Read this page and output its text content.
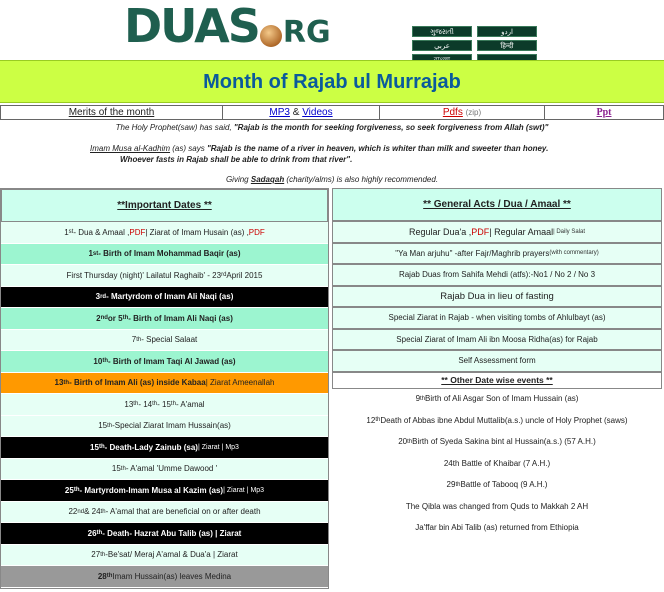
DUAS RG	ગુજરાતી	اردو
عربي	हिन्दी
Month of Rajab ul Murrajab
Merits of the month	MP3 & Videos	Pdfs (zip)	Ppt
The Holy Prophet(saw) has said, "Rajab is the month for seeking forgiveness, so seek forgiveness from Allah (swt)"
Imam Musa al-Kadhim (as) says "Rajab is the name of a river in heaven, which is whiter than milk and sweeter than honey.
Whoever fasts in Rajab shall be able to drink from that river".
Giving Sadaqah (charity/alms) is also highly recommended.
**Important Dates **
1 st - Dua & Amaal , PDF | Ziarat of Imam Husain (as) , PDF
1 st - Birth of Imam Mohammad Baqir (as)
First Thursday (night)' Lailatul Raghaib' - 23 rd April 2015
3 rd - Martyrdom of Imam Ali Naqi (as)
2 nd or 5 th - Birth of Imam Ali Naqi (as)
7 th - Special Salaat
10 th - Birth of Imam Taqi Al Jawad (as)
13 th - Birth of Imam Ali (as) inside Kabaa | Ziarat Ameenallah
13 th - 14 th - 15 th - A'amal
15 th -Special Ziarat Imam Hussain(as)
15 th - Death-Lady Zainub (sa) | Ziarat | Mp3
15 th - A'amal 'Umme Dawood '
25 th - Martyrdom-Imam Musa al Kazim (as) | Ziarat | Mp3
22 nd & 24 th - A'amal that are beneficial on or after death
26 th - Death- Hazrat Abu Talib (as) | Ziarat
27 th -Be'sat/ Meraj A'amal & Dua'a | Ziarat
28 th Imam Hussain(as) leaves Medina
** General Acts / Dua / Amaal **
Regular Dua'a , PDF | Regular Amaal | Daily Salat
"Ya Man arjuhu" -after Fajr/Maghrib prayers (with commentary)
Rajab Duas from Sahifa Mehdi (atfs):-No1 / No 2 / No 3
Rajab Dua in lieu of fasting
Special Ziarat in Rajab - when visiting tombs of Ahlulbayt (as)
Special Ziarat of Imam Ali ibn Moosa Ridha(as) for Rajab
Self Assessment form
** Other Date wise events **
9 th Birth of Ali Asgar Son of Imam Hussain (as)
12 th Death of Abbas ibne Abdul Muttalib(a.s.) uncle of Holy Prophet (saws)
20 th Birth of Syeda Sakina bint al Hussain(a.s.) (57 A.H.)
24th Battle of Khaibar (7 A.H.)
29 th Battle of Tabooq (9 A.H.)
The Qibla was changed from Quds to Makkah 2 AH
Ja'ffar bin Abi Talib (as) returned from Ethiopia
